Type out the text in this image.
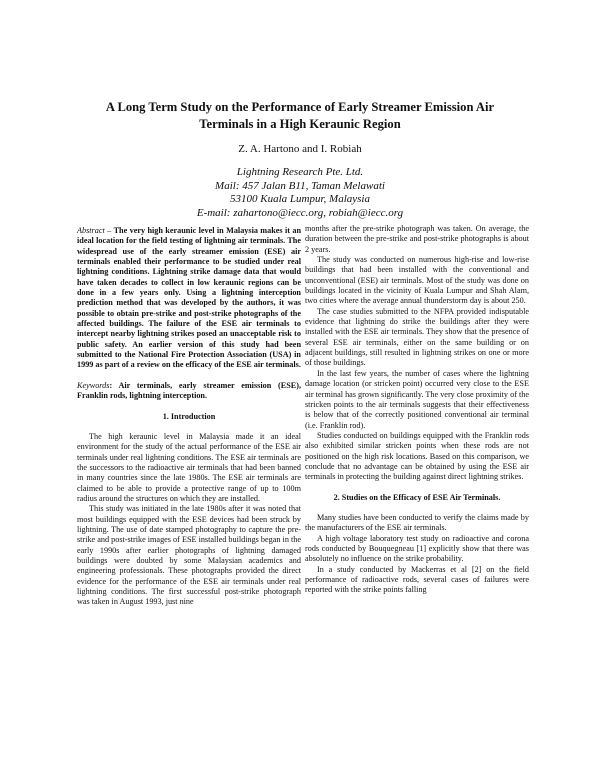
A Long Term Study on the Performance of Early Streamer Emission Air Terminals in a High Keraunic Region
Z. A. Hartono and I. Robiah
Lightning Research Pte. Ltd.
Mail: 457 Jalan B11, Taman Melawati
53100 Kuala Lumpur, Malaysia
E-mail: zahartono@iecc.org, robiah@iecc.org

Abstract – The very high keraunic level in Malaysia makes it an ideal location for the field testing of lightning air terminals. The widespread use of the early streamer emission (ESE) air terminals enabled their performance to be studied under real lightning conditions. Lightning strike damage data that would have taken decades to collect in low keraunic regions can be done in a few years only. Using a lightning interception prediction method that was developed by the authors, it was possible to obtain pre-strike and post-strike photographs of the affected buildings. The failure of the ESE air terminals to intercept nearby lightning strikes posed an unacceptable risk to public safety. An earlier version of this study had been submitted to the National Fire Protection Association (USA) in 1999 as part of a review on the efficacy of the ESE air terminals.

Keywords: Air terminals, early streamer emission (ESE), Franklin rods, lightning interception.

1. Introduction

The high keraunic level in Malaysia made it an ideal environment for the study of the actual performance of the ESE air terminals under real lightning conditions. The ESE air terminals are the successors to the radioactive air terminals that had been banned in many countries since the late 1980s. The ESE air terminals are claimed to be able to provide a protective range of up to 100m radius around the structures on which they are installed.

This study was initiated in the late 1980s after it was noted that most buildings equipped with the ESE devices had been struck by lightning. The use of date stamped photography to capture the pre-strike and post-strike images of ESE installed buildings began in the early 1990s after earlier photographs of lightning damaged buildings were doubted by some Malaysian academics and engineering professionals. These photographs provided the direct evidence for the performance of the ESE air terminals under real lightning conditions. The first successful post-strike photograph was taken in August 1993, just nine

months after the pre-strike photograph was taken. On average, the duration between the pre-strike and post-strike photographs is about 2 years.

The study was conducted on numerous high-rise and low-rise buildings that had been installed with the conventional and unconventional (ESE) air terminals. Most of the study was done on buildings located in the vicinity of Kuala Lumpur and Shah Alam, two cities where the average annual thunderstorm day is about 250.

The case studies submitted to the NFPA provided indisputable evidence that lightning do strike the buildings after they were installed with the ESE air terminals. They show that the presence of several ESE air terminals, either on the same building or on adjacent buildings, still resulted in lightning strikes on one or more of those buildings.

In the last few years, the number of cases where the lightning damage location (or stricken point) occurred very close to the ESE air terminal has grown significantly. The very close proximity of the stricken points to the air terminals suggests that their effectiveness is below that of the correctly positioned conventional air terminal (i.e. Franklin rod).

Studies conducted on buildings equipped with the Franklin rods also exhibited similar stricken points when these rods are not positioned on the high risk locations. Based on this comparison, we conclude that no advantage can be obtained by using the ESE air terminals in protecting the building against direct lightning strikes.

2. Studies on the Efficacy of ESE Air Terminals.

Many studies have been conducted to verify the claims made by the manufacturers of the ESE air terminals.

A high voltage laboratory test study on radioactive and corona rods conducted by Bouquegneau [1] explicitly show that there was absolutely no influence on the strike probability.

In a study conducted by Mackerras et al [2] on the field performance of radioactive rods, several cases of failures were reported with the strike points falling
